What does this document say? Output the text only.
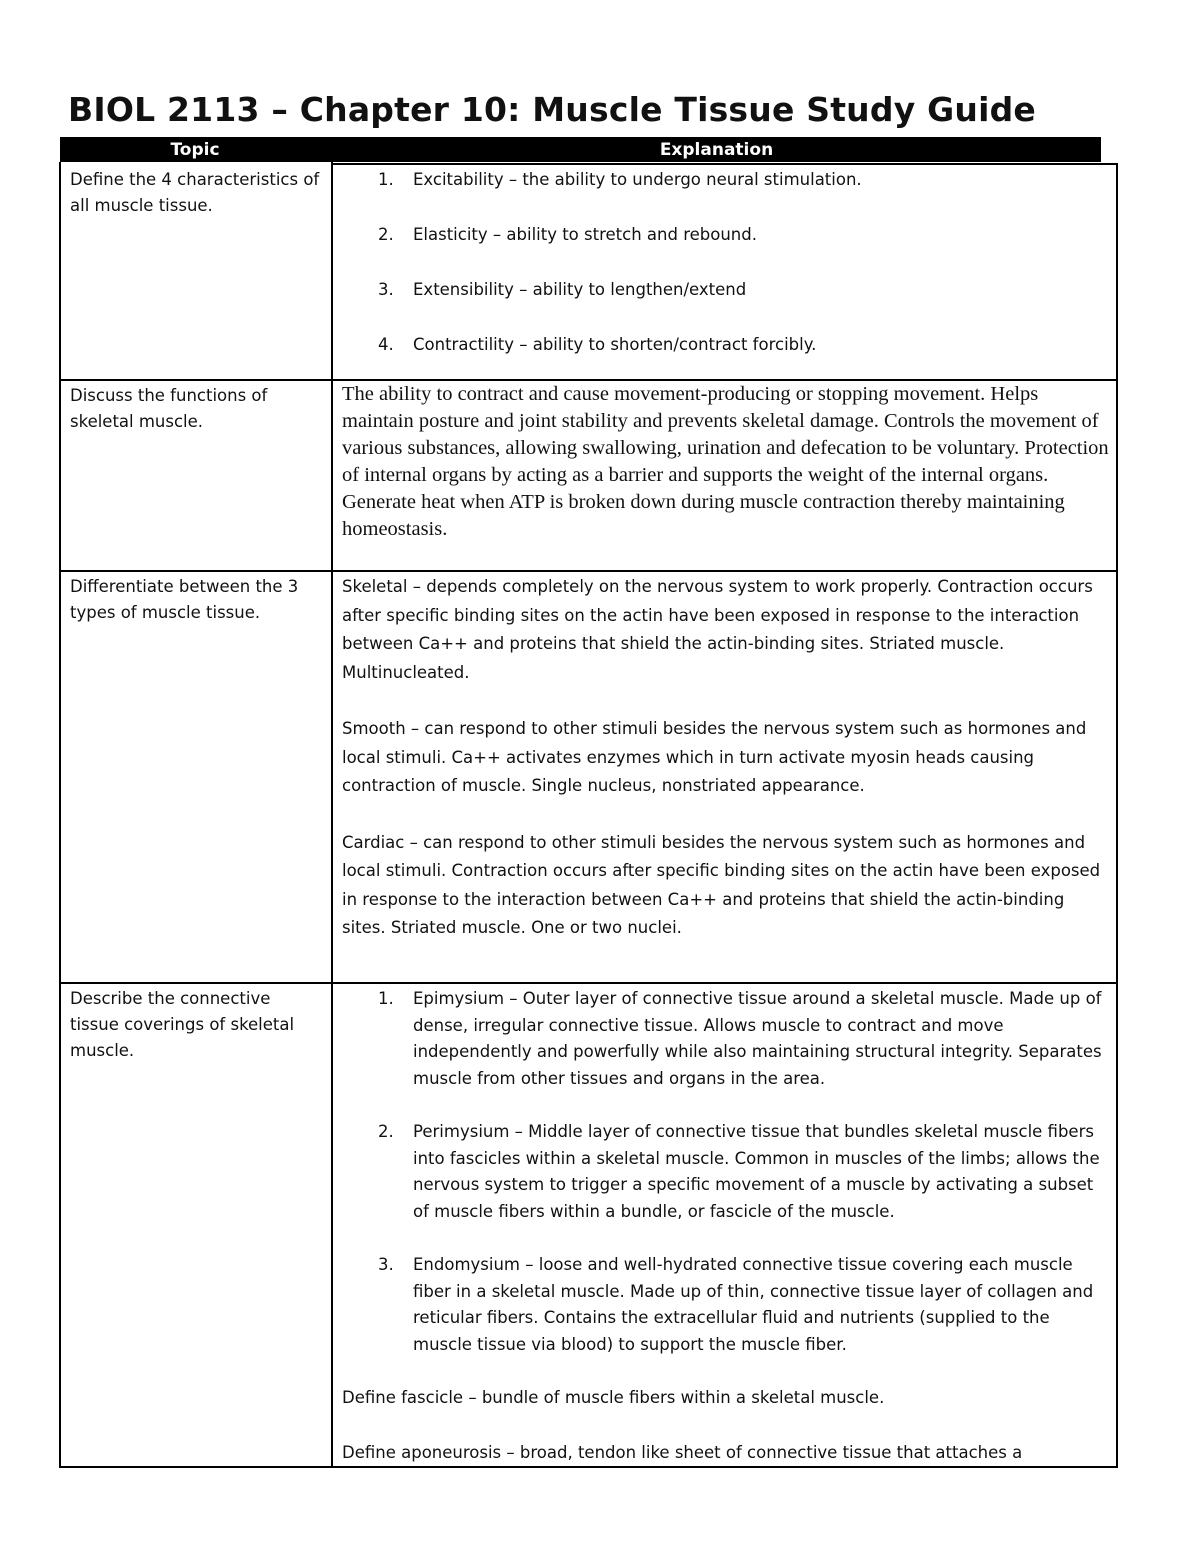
BIOL 2113 – Chapter 10: Muscle Tissue Study Guide
Topic	Explanation
Define the 4 characteristics of all muscle tissue.
1. Excitability – the ability to undergo neural stimulation.
2. Elasticity – ability to stretch and rebound.
3. Extensibility – ability to lengthen/extend
4. Contractility – ability to shorten/contract forcibly.
Discuss the functions of skeletal muscle.
The ability to contract and cause movement-producing or stopping movement. Helps maintain posture and joint stability and prevents skeletal damage. Controls the movement of various substances, allowing swallowing, urination and defecation to be voluntary. Protection of internal organs by acting as a barrier and supports the weight of the internal organs. Generate heat when ATP is broken down during muscle contraction thereby maintaining homeostasis.
Differentiate between the 3 types of muscle tissue.

Skeletal – depends completely on the nervous system to work properly. Contraction occurs after specific binding sites on the actin have been exposed in response to the interaction between Ca++ and proteins that shield the actin-binding sites. Striated muscle. Multinucleated.

Smooth – can respond to other stimuli besides the nervous system such as hormones and local stimuli. Ca++ activates enzymes which in turn activate myosin heads causing contraction of muscle. Single nucleus, nonstriated appearance.

Cardiac – can respond to other stimuli besides the nervous system such as hormones and local stimuli. Contraction occurs after specific binding sites on the actin have been exposed in response to the interaction between Ca++ and proteins that shield the actin-binding sites. Striated muscle. One or two nuclei.

Describe the connective tissue coverings of skeletal muscle.
1. Epimysium – Outer layer of connective tissue around a skeletal muscle. Made up of dense, irregular connective tissue. Allows muscle to contract and move independently and powerfully while also maintaining structural integrity. Separates muscle from other tissues and organs in the area.
2. Perimysium – Middle layer of connective tissue that bundles skeletal muscle fibers into fascicles within a skeletal muscle. Common in muscles of the limbs; allows the nervous system to trigger a specific movement of a muscle by activating a subset of muscle fibers within a bundle, or fascicle of the muscle.
3. Endomysium – loose and well-hydrated connective tissue covering each muscle fiber in a skeletal muscle. Made up of thin, connective tissue layer of collagen and reticular fibers. Contains the extracellular fluid and nutrients (supplied to the muscle tissue via blood) to support the muscle fiber.

Define fascicle – bundle of muscle fibers within a skeletal muscle.

Define aponeurosis – broad, tendon like sheet of connective tissue that attaches a
